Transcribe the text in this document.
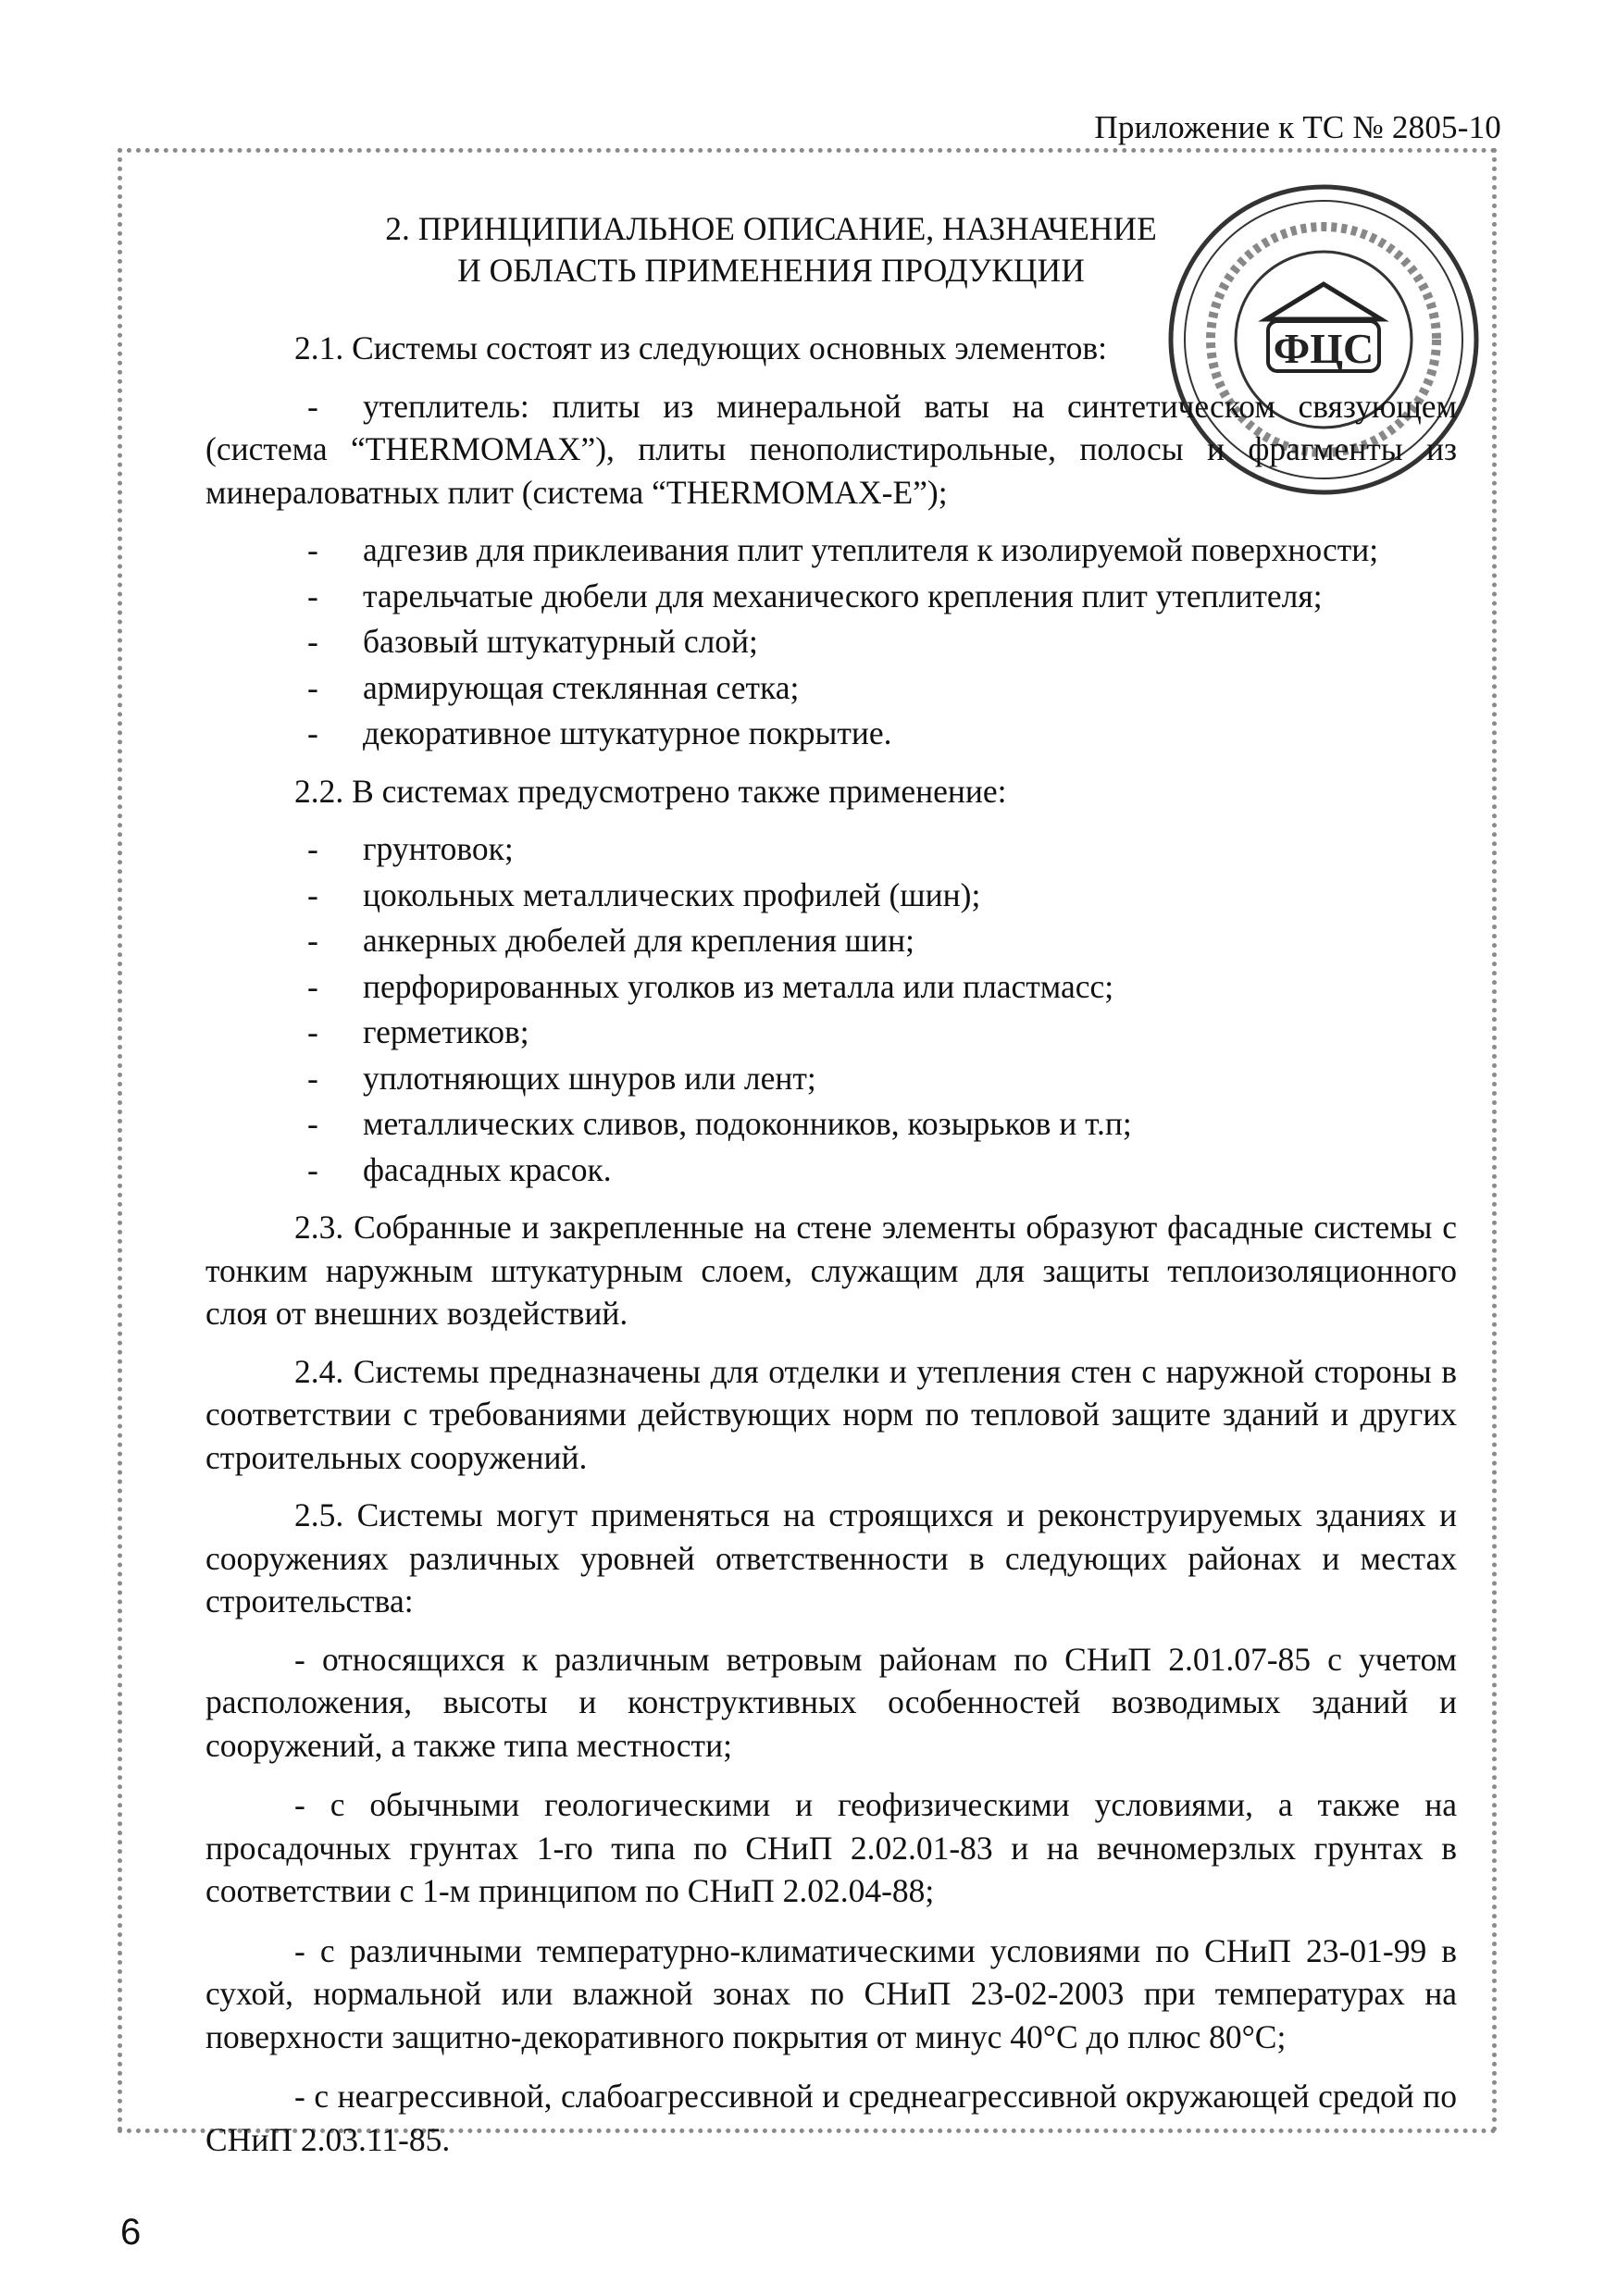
Приложение к ТС № 2805-10
ФЦС
2. ПРИНЦИПИАЛЬНОЕ ОПИСАНИЕ, НАЗНАЧЕНИЕ
И ОБЛАСТЬ ПРИМЕНЕНИЯ ПРОДУКЦИИ

2.1. Системы состоят из следующих основных элементов:

- утеплитель: плиты из минеральной ваты на синтетическом связующем (система “THERMOMAX”), плиты пенополистирольные, полосы и фрагменты из минераловатных плит (система “THERMOMAX-E”);
- адгезив для приклеивания плит утеплителя к изолируемой поверхности;
- тарельчатые дюбели для механического крепления плит утеплителя;
- базовый штукатурный слой;
- армирующая стеклянная сетка;
- декоративное штукатурное покрытие.

2.2. В системах предусмотрено также применение:

- грунтовок;
- цокольных металлических профилей (шин);
- анкерных дюбелей для крепления шин;
- перфорированных уголков из металла или пластмасс;
- герметиков;
- уплотняющих шнуров или лент;
- металлических сливов, подоконников, козырьков и т.п;
- фасадных красок.

2.3. Собранные и закрепленные на стене элементы образуют фасадные системы с тонким наружным штукатурным слоем, служащим для защиты теплоизоляционного слоя от внешних воздействий.

2.4. Системы предназначены для отделки и утепления стен с наружной стороны в соответствии с требованиями действующих норм по тепловой защите зданий и других строительных сооружений.

2.5. Системы могут применяться на строящихся и реконструируемых зданиях и сооружениях различных уровней ответственности в следующих районах и местах строительства:

- относящихся к различным ветровым районам по СНиП 2.01.07-85 с учетом расположения, высоты и конструктивных особенностей возводимых зданий и сооружений, а также типа местности;

- с обычными геологическими и геофизическими условиями, а также на просадочных грунтах 1-го типа по СНиП 2.02.01-83 и на вечномерзлых грунтах в соответствии с 1-м принципом по СНиП 2.02.04-88;

- с различными температурно-климатическими условиями по СНиП 23-01-99 в сухой, нормальной или влажной зонах по СНиП 23-02-2003 при температурах на поверхности защитно-декоративного покрытия от минус 40°С до плюс 80°С;

- с неагрессивной, слабоагрессивной и среднеагрессивной окружающей средой по СНиП 2.03.11-85.

6
